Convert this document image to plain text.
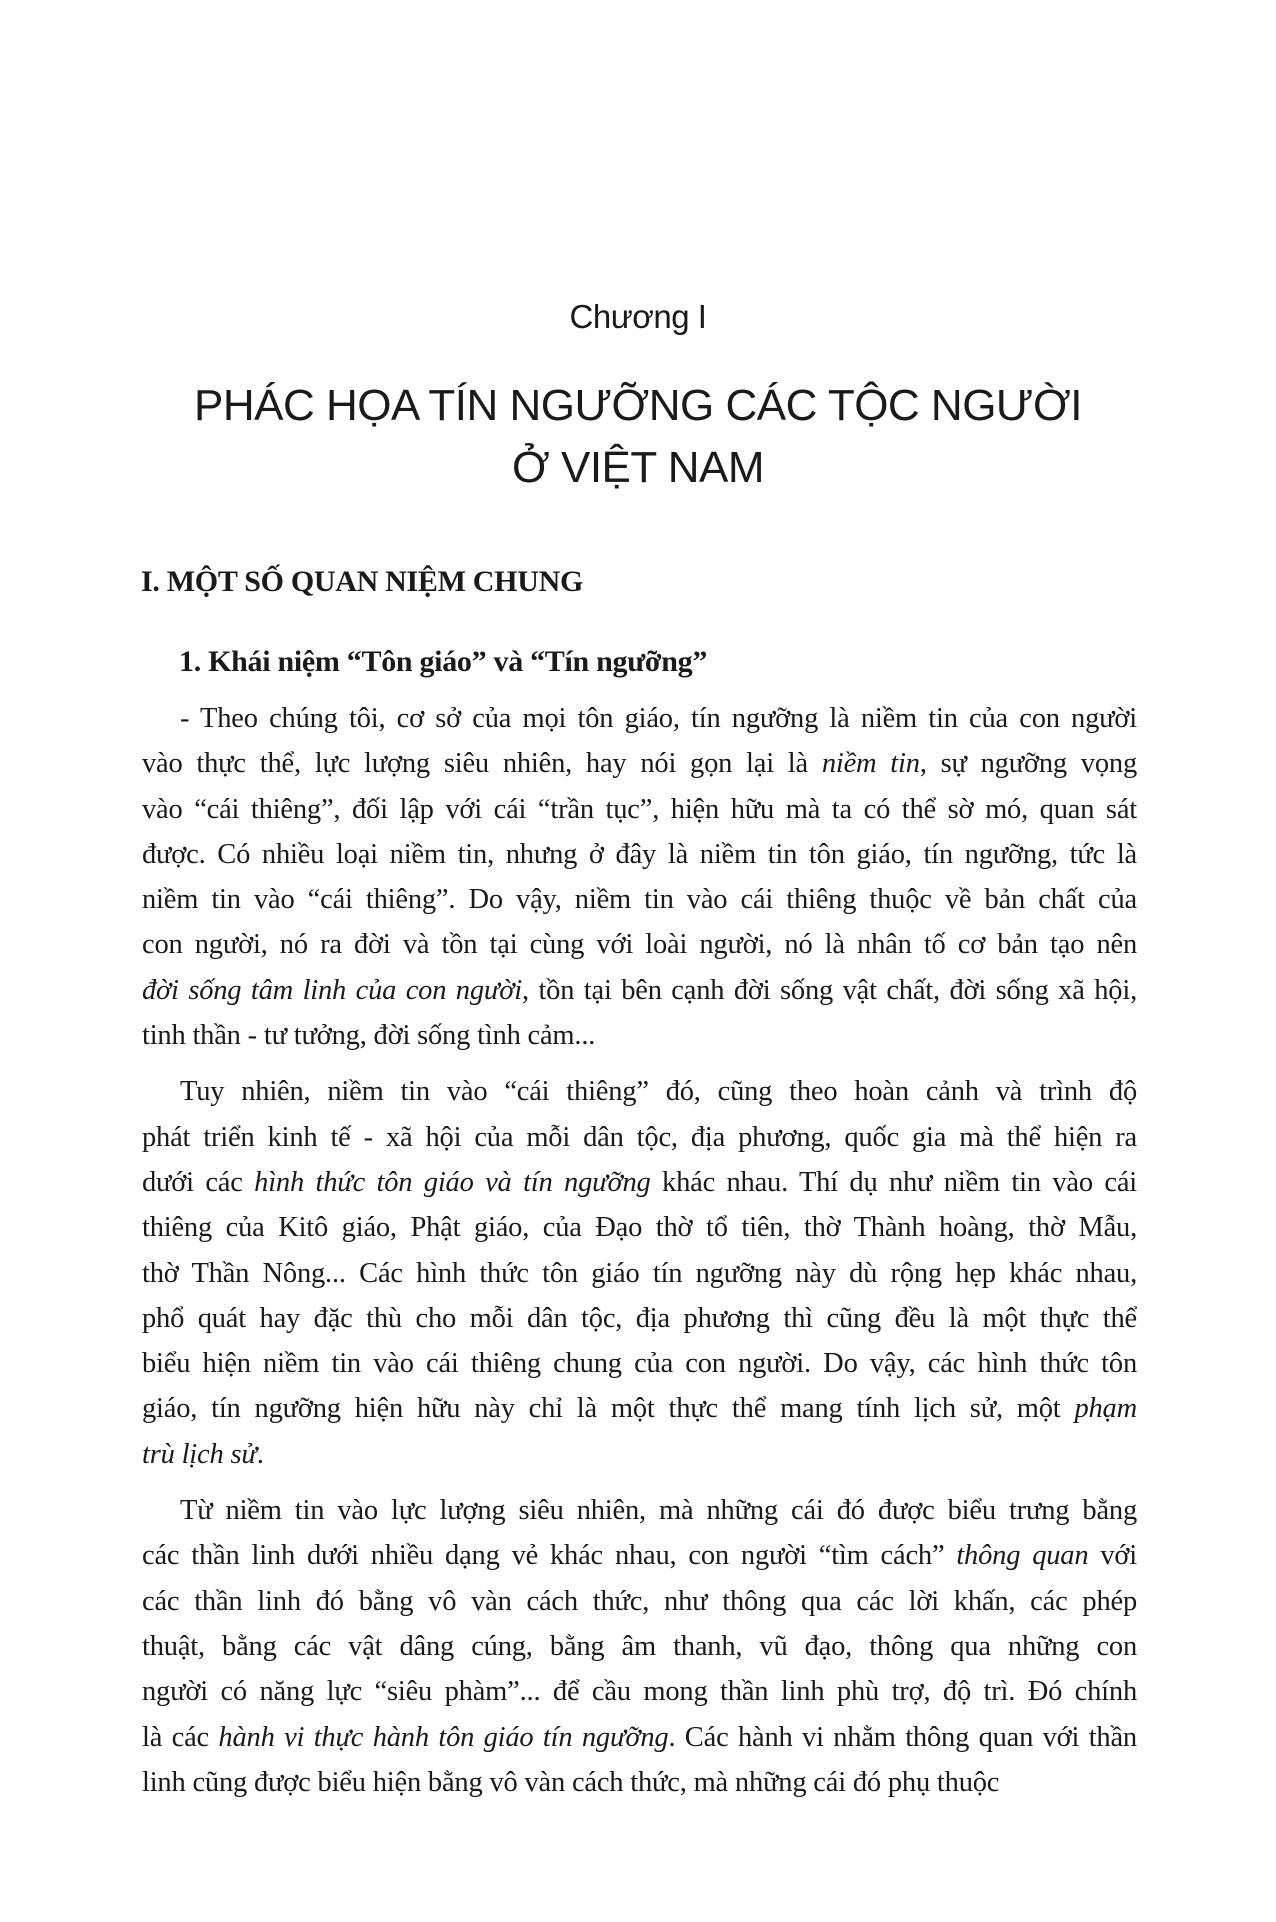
Chương I
PHÁC HỌA TÍN NGƯỠNG CÁC TỘC NGƯỜI
Ở VIỆT NAM
I. MỘT SỐ QUAN NIỆM CHUNG
1. Khái niệm “Tôn giáo” và “Tín ngưỡng”
- Theo chúng tôi, cơ sở của mọi tôn giáo, tín ngưỡng là niềm tin của con người
vào thực thể, lực lượng siêu nhiên, hay nói gọn lại là niềm tin, sự ngưỡng vọng
vào “cái thiêng”, đối lập với cái “trần tục”, hiện hữu mà ta có thể sờ mó, quan sát
được. Có nhiều loại niềm tin, nhưng ở đây là niềm tin tôn giáo, tín ngưỡng, tức là
niềm tin vào “cái thiêng”. Do vậy, niềm tin vào cái thiêng thuộc về bản chất của
con người, nó ra đời và tồn tại cùng với loài người, nó là nhân tố cơ bản tạo nên
đời sống tâm linh của con người, tồn tại bên cạnh đời sống vật chất, đời sống xã hội,
tinh thần - tư tưởng, đời sống tình cảm...
Tuy nhiên, niềm tin vào “cái thiêng” đó, cũng theo hoàn cảnh và trình độ
phát triển kinh tế - xã hội của mỗi dân tộc, địa phương, quốc gia mà thể hiện ra
dưới các hình thức tôn giáo và tín ngưỡng khác nhau. Thí dụ như niềm tin vào cái
thiêng của Kitô giáo, Phật giáo, của Đạo thờ tổ tiên, thờ Thành hoàng, thờ Mẫu,
thờ Thần Nông... Các hình thức tôn giáo tín ngưỡng này dù rộng hẹp khác nhau,
phổ quát hay đặc thù cho mỗi dân tộc, địa phương thì cũng đều là một thực thể
biểu hiện niềm tin vào cái thiêng chung của con người. Do vậy, các hình thức tôn
giáo, tín ngưỡng hiện hữu này chỉ là một thực thể mang tính lịch sử, một phạm
trù lịch sử.
Từ niềm tin vào lực lượng siêu nhiên, mà những cái đó được biểu trưng bằng
các thần linh dưới nhiều dạng vẻ khác nhau, con người “tìm cách” thông quan với
các thần linh đó bằng vô vàn cách thức, như thông qua các lời khấn, các phép
thuật, bằng các vật dâng cúng, bằng âm thanh, vũ đạo, thông qua những con
người có năng lực “siêu phàm”... để cầu mong thần linh phù trợ, độ trì. Đó chính
là các hành vi thực hành tôn giáo tín ngưỡng. Các hành vi nhằm thông quan với thần
linh cũng được biểu hiện bằng vô vàn cách thức, mà những cái đó phụ thuộc
